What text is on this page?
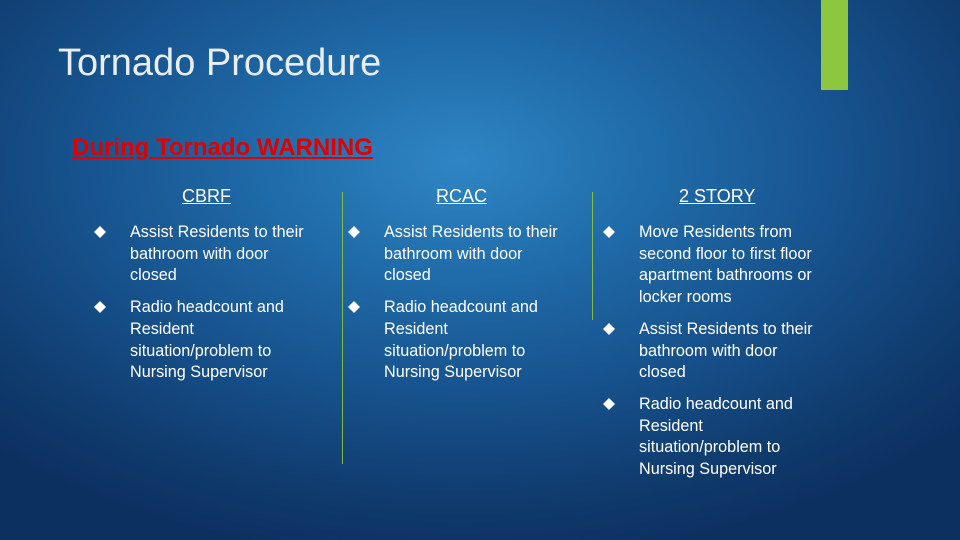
Tornado Procedure
During Tornado WARNING
CBRF	RCAC	2 STORY
Assist Residents to their bathroom with door closed
Radio headcount and Resident situation/problem to Nursing Supervisor
Assist Residents to their bathroom with door closed
Radio headcount and Resident situation/problem to Nursing Supervisor
Move Residents from second floor to first floor apartment bathrooms or locker rooms
Assist Residents to their bathroom with door closed
Radio headcount and Resident situation/problem to Nursing Supervisor
